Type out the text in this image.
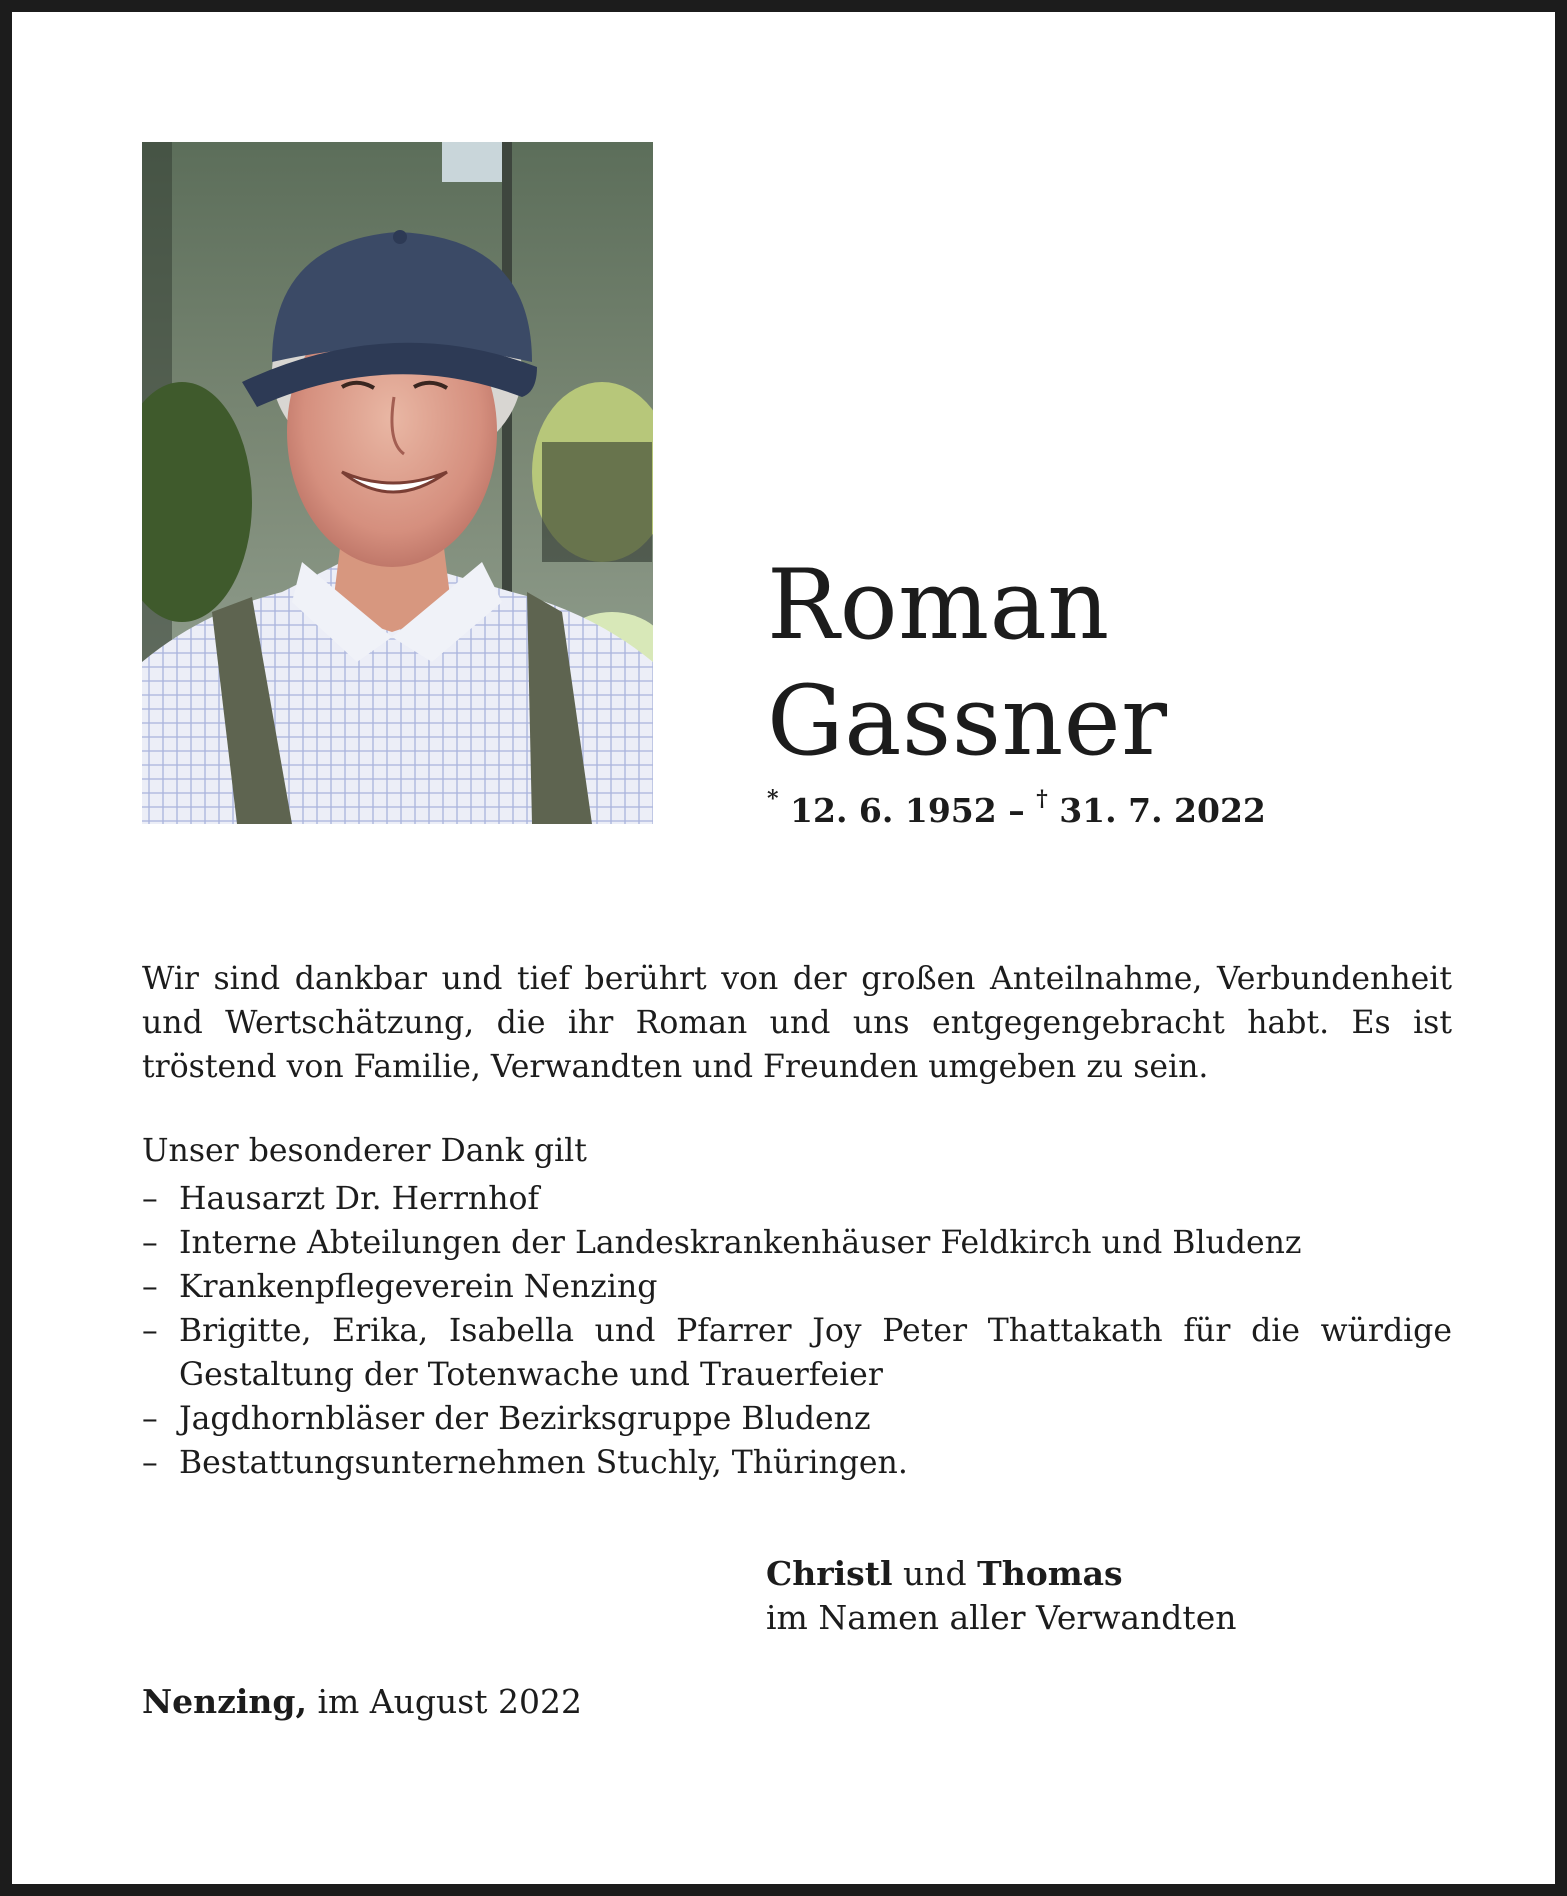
Roman
Gassner
* 12. 6. 1952 – † 31. 7. 2022

Wir sind dankbar und tief berührt von der großen Anteilnahme, Verbundenheit und Wertschätzung, die ihr Roman und uns entgegengebracht habt. Es ist tröstend von Familie, Verwandten und Freunden umgeben zu sein.

Unser besonderer Dank gilt

– Hausarzt Dr. Herrnhof
– Interne Abteilungen der Landeskrankenhäuser Feldkirch und Bludenz
– Krankenpflegeverein Nenzing
– Brigitte, Erika, Isabella und Pfarrer Joy Peter Thattakath für die würdige Gestaltung der Totenwache und Trauerfeier
– Jagdhornbläser der Bezirksgruppe Bludenz
– Bestattungsunternehmen Stuchly, Thüringen.
Christl und Thomas
im Namen aller Verwandten
Nenzing, im August 2022
